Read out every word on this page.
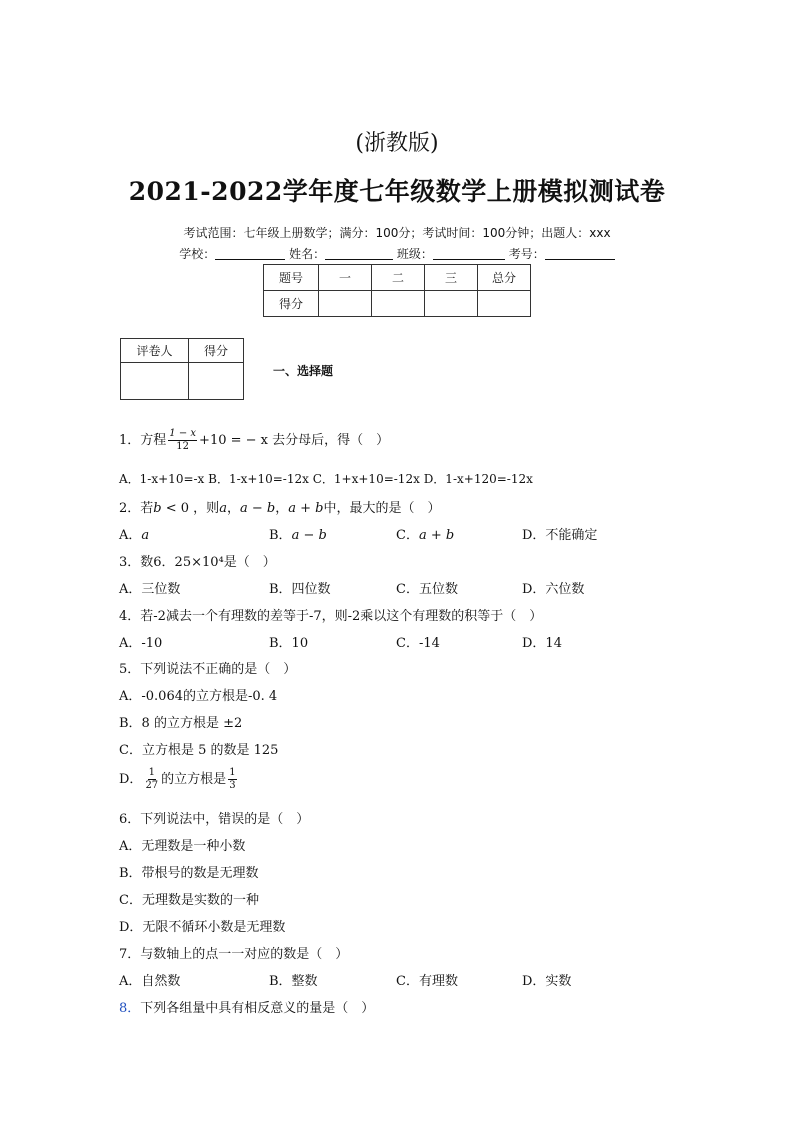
(浙教版)
2021-2022学年度七年级数学上册模拟测试卷
考试范围：七年级上册数学；满分：100分；考试时间：100分钟；出题人：xxx
学校：	姓名：	班级：	考号：
题号	一	二	三	总分
得分				
评卷人	得分

一、选择题
1．方程 $\frac{1 - x}{12} +10$ = − x 去分母后，得（　）
A．1-x+10=-x B．1-x+10=-12x C．1+x+10=-12x D．1-x+120=-12x
2．若b < 0 ，则a，a − b，a + b中，最大的是（　）
A．a	B．a − b	C．a + b	D．不能确定
3．数6．25×10⁴是（　）
A．三位数	B．四位数	C．五位数	D．六位数
4．若-2减去一个有理数的差等于-7，则-2乘以这个有理数的积等于（　）
A．-10	B．10	C．-14	D．14
5．下列说法不正确的是（　）
A．-0.064的立方根是-0. 4
B．8 的立方根是 ±2
C．立方根是 5 的数是 125
D． $\frac{1}{27}$ 的立方根是 $\frac{1}{3}$
6．下列说法中，错误的是（　）
A．无理数是一种小数
B．带根号的数是无理数
C．无理数是实数的一种
D．无限不循环小数是无理数
7．与数轴上的点一一对应的数是（　）
A．自然数	B．整数	C．有理数	D．实数
8．下列各组量中具有相反意义的量是（　）
